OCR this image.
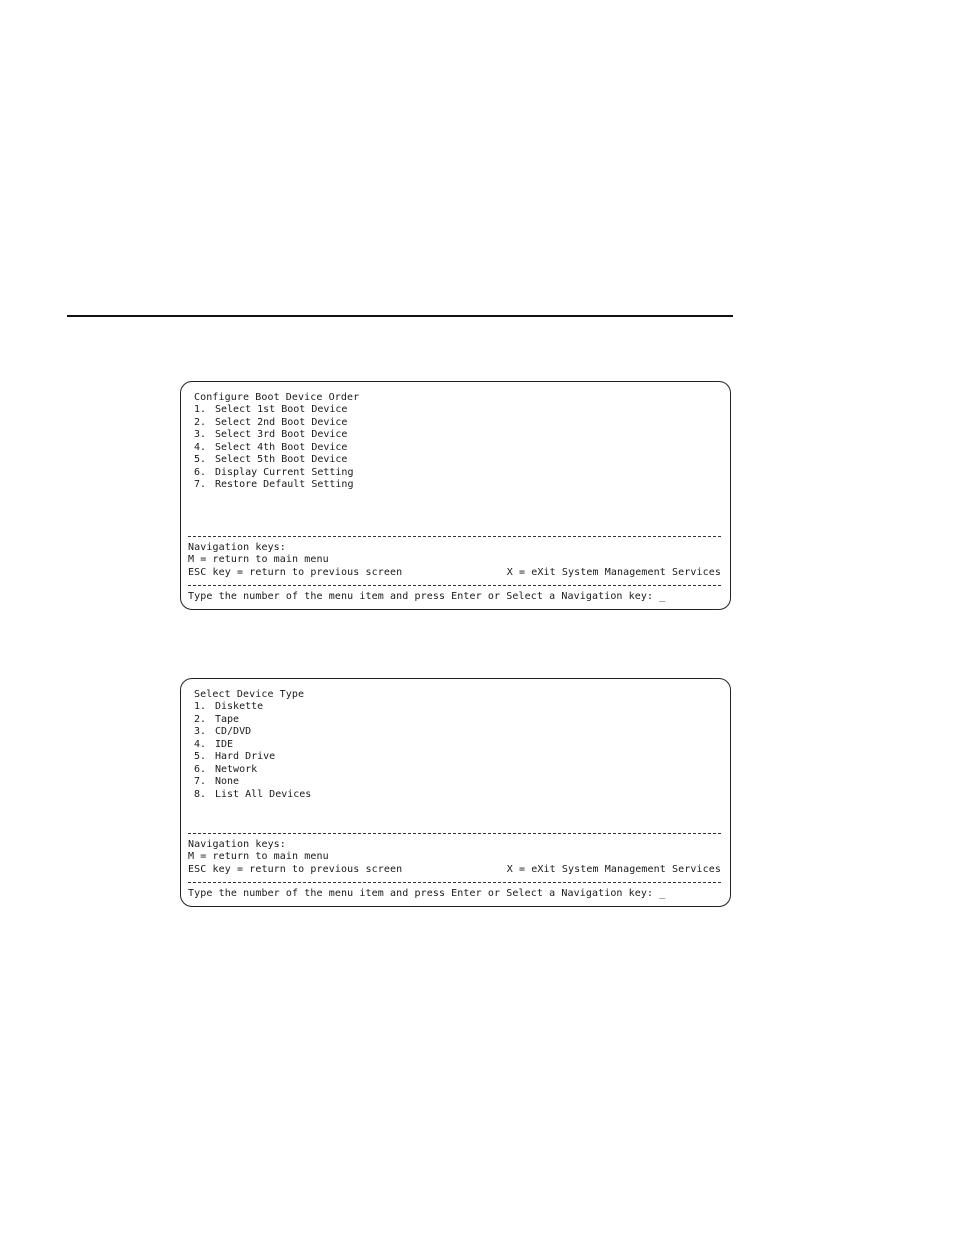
Configure Boot Device Order
1. Select 1st Boot Device
2. Select 2nd Boot Device
3. Select 3rd Boot Device
4. Select 4th Boot Device
5. Select 5th Boot Device
6. Display Current Setting
7. Restore Default Setting
Navigation keys:
M = return to main menu
ESC key = return to previous screen	X = eXit System Management Services
Type the number of the menu item and press Enter or Select a Navigation key: _
Select Device Type
1. Diskette
2. Tape
3. CD/DVD
4. IDE
5. Hard Drive
6. Network
7. None
8. List All Devices
Navigation keys:
M = return to main menu
ESC key = return to previous screen	X = eXit System Management Services
Type the number of the menu item and press Enter or Select a Navigation key: _
